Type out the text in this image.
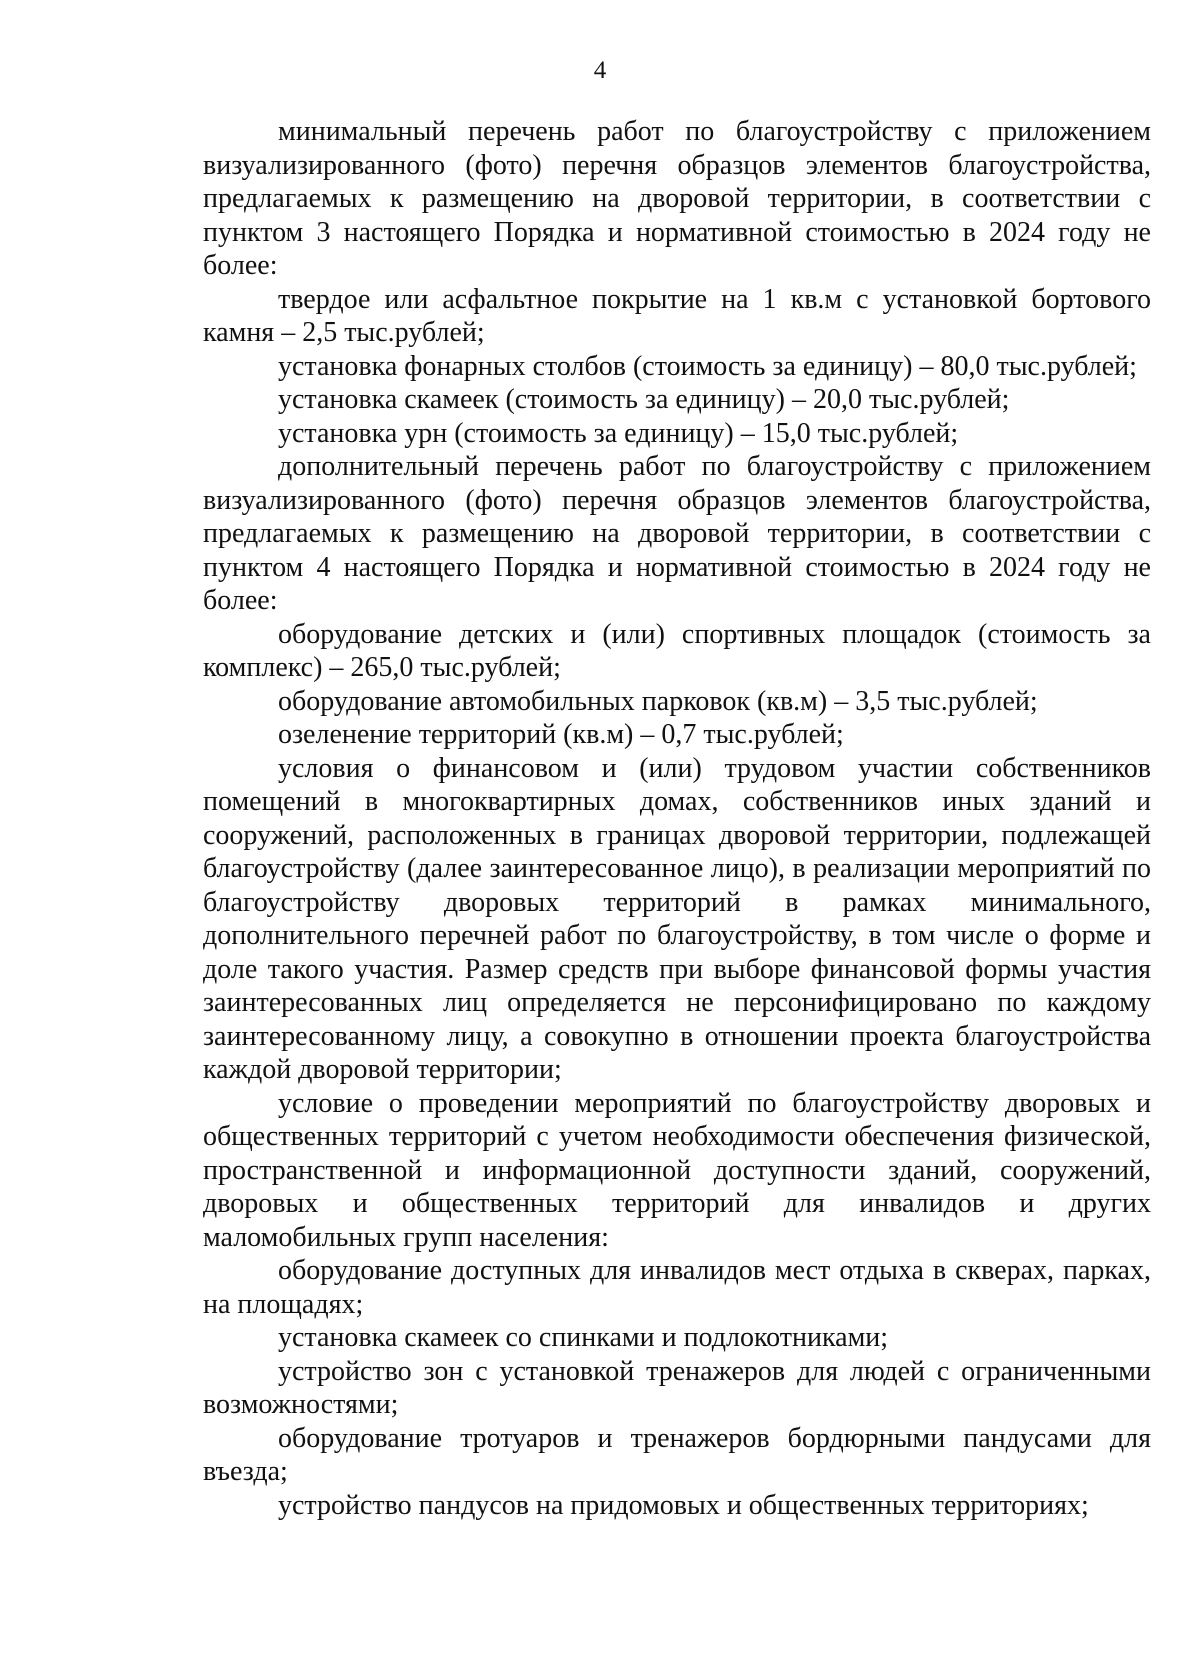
4

минимальный перечень работ по благоустройству с приложением визуализированного (фото) перечня образцов элементов благоустройства, предлагаемых к размещению на дворовой территории, в соответствии с пунктом 3 настоящего Порядка и нормативной стоимостью в 2024 году не более:

твердое или асфальтное покрытие на 1 кв.м с установкой бортового камня – 2,5 тыс.рублей;

установка фонарных столбов (стоимость за единицу) – 80,0 тыс.рублей;

установка скамеек (стоимость за единицу) – 20,0 тыс.рублей;

установка урн (стоимость за единицу) – 15,0 тыс.рублей;

дополнительный перечень работ по благоустройству с приложением визуализированного (фото) перечня образцов элементов благоустройства, предлагаемых к размещению на дворовой территории, в соответствии с пунктом 4 настоящего Порядка и нормативной стоимостью в 2024 году не более:

оборудование детских и (или) спортивных площадок (стоимость за комплекс) – 265,0 тыс.рублей;

оборудование автомобильных парковок (кв.м) – 3,5 тыс.рублей;

озеленение территорий (кв.м) – 0,7 тыс.рублей;

условия о финансовом и (или) трудовом участии собственников помещений в многоквартирных домах, собственников иных зданий и сооружений, расположенных в границах дворовой территории, подлежащей благоустройству (далее заинтересованное лицо), в реализации мероприятий по благоустройству дворовых территорий в рамках минимального, дополнительного перечней работ по благоустройству, в том числе о форме и доле такого участия. Размер средств при выборе финансовой формы участия заинтересованных лиц определяется не персонифицировано по каждому заинтересованному лицу, а совокупно в отношении проекта благоустройства каждой дворовой территории;

условие о проведении мероприятий по благоустройству дворовых и общественных территорий с учетом необходимости обеспечения физической, пространственной и информационной доступности зданий, сооружений, дворовых и общественных территорий для инвалидов и других маломобильных групп населения:

оборудование доступных для инвалидов мест отдыха в скверах, парках, на площадях;

установка скамеек со спинками и подлокотниками;

устройство зон с установкой тренажеров для людей с ограниченными возможностями;

оборудование тротуаров и тренажеров бордюрными пандусами для въезда;

устройство пандусов на придомовых и общественных территориях;
